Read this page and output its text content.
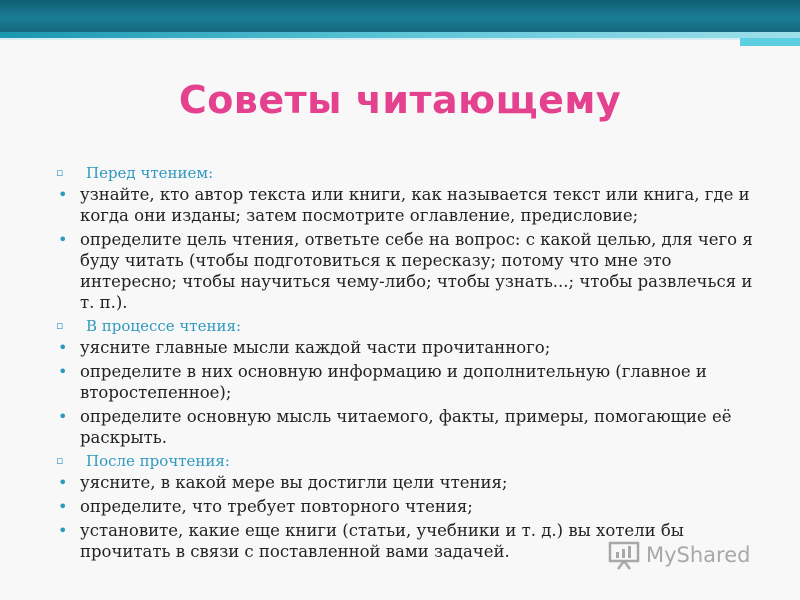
Советы читающему
▫ Перед чтением:
• узнайте, кто автор текста или книги, как называется текст или книга, где и когда они изданы; затем посмотрите оглавление, предисловие;
• определите цель чтения, ответьте себе на вопрос: с какой целью, для чего я буду читать (чтобы подготовиться к пересказу; потому что мне это интересно; чтобы научиться чему-либо; чтобы узнать...; чтобы развлечься и т. п.).
▫ В процессе чтения:
• уясните главные мысли каждой части прочитанного;
• определите в них основную информацию и дополнительную (главное и второстепенное);
• определите основную мысль читаемого, факты, примеры, помогающие её раскрыть.
▫ После прочтения:
• уясните, в какой мере вы достигли цели чтения;
• определите, что требует повторного чтения;
• установите, какие еще книги (статьи, учебники и т. д.) вы хотели бы прочитать в связи с поставленной вами задачей.	MyShared
